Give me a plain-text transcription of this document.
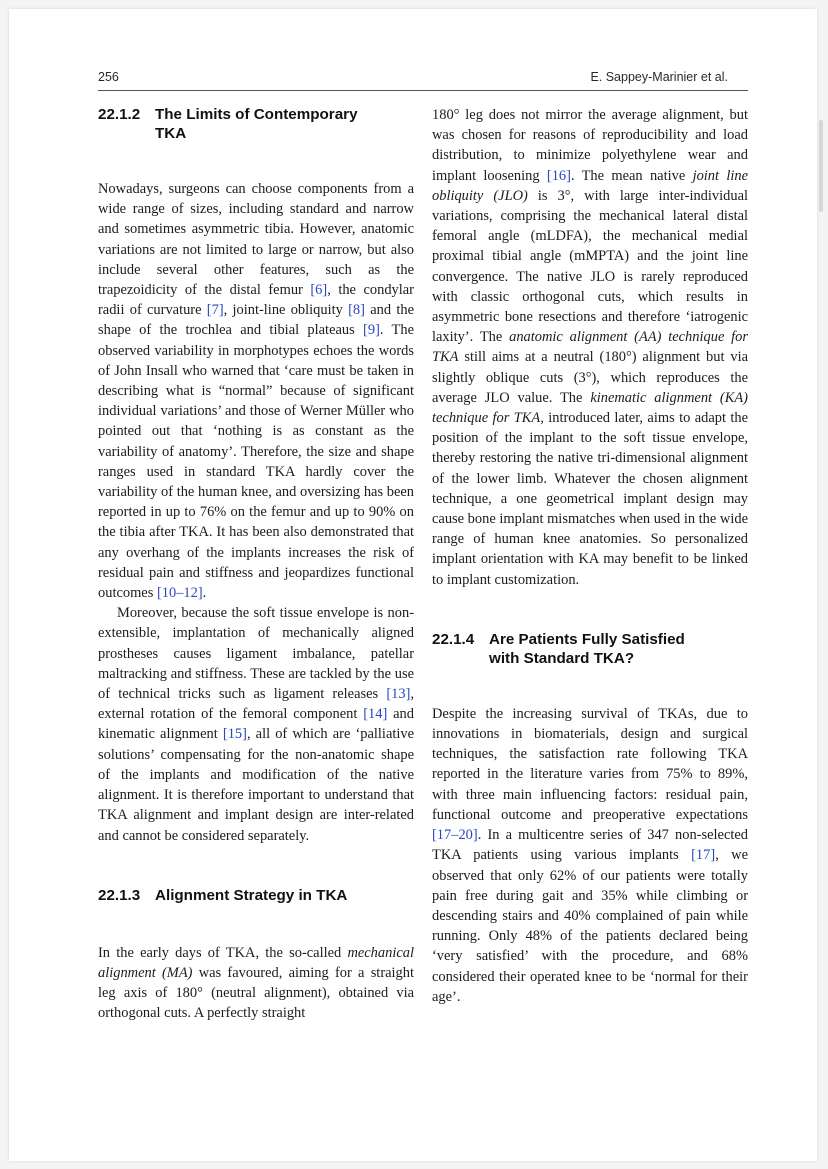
256	E. Sappey-Marinier et al.
22.1.2 The Limits of Contemporary
TKA

Nowadays, surgeons can choose components from a wide range of sizes, including standard and narrow and sometimes asymmetric tibia. However, anatomic variations are not limited to large or narrow, but also include several other features, such as the trapezoidicity of the distal femur [6], the condylar radii of curvature [7], joint-line obliquity [8] and the shape of the trochlea and tibial plateaus [9]. The observed variability in morphotypes echoes the words of John Insall who warned that ‘care must be taken in describing what is “normal” because of significant individual variations’ and those of Werner Müller who pointed out that ‘nothing is as constant as the variability of anatomy’. Therefore, the size and shape ranges used in standard TKA hardly cover the variability of the human knee, and oversizing has been reported in up to 76% on the femur and up to 90% on the tibia after TKA. It has been also demonstrated that any overhang of the implants increases the risk of residual pain and stiffness and jeopardizes functional outcomes [10–12].

Moreover, because the soft tissue envelope is non-extensible, implantation of mechanically aligned prostheses causes ligament imbalance, patellar maltracking and stiffness. These are tackled by the use of technical tricks such as ligament releases [13], external rotation of the femoral component [14] and kinematic alignment [15], all of which are ‘palliative solutions’ compensating for the non-anatomic shape of the implants and modification of the native alignment. It is therefore important to understand that TKA alignment and implant design are inter-related and cannot be considered separately.

22.1.3 Alignment Strategy in TKA

In the early days of TKA, the so-called mechanical alignment (MA) was favoured, aiming for a straight leg axis of 180° (neutral alignment), obtained via orthogonal cuts. A perfectly straight

180° leg does not mirror the average alignment, but was chosen for reasons of reproducibility and load distribution, to minimize polyethylene wear and implant loosening [16]. The mean native joint line obliquity (JLO) is 3°, with large inter-individual variations, comprising the mechanical lateral distal femoral angle (mLDFA), the mechanical medial proximal tibial angle (mMPTA) and the joint line convergence. The native JLO is rarely reproduced with classic orthogonal cuts, which results in asymmetric bone resections and therefore ‘iatrogenic laxity’. The anatomic alignment (AA) technique for TKA still aims at a neutral (180°) alignment but via slightly oblique cuts (3°), which reproduces the average JLO value. The kinematic alignment (KA) technique for TKA, introduced later, aims to adapt the position of the implant to the soft tissue envelope, thereby restoring the native tri-dimensional alignment of the lower limb. Whatever the chosen alignment technique, a one geometrical implant design may cause bone implant mismatches when used in the wide range of human knee anatomies. So personalized implant orientation with KA may benefit to be linked to implant customization.

22.1.4 Are Patients Fully Satisfied
with Standard TKA?

Despite the increasing survival of TKAs, due to innovations in biomaterials, design and surgical techniques, the satisfaction rate following TKA reported in the literature varies from 75% to 89%, with three main influencing factors: residual pain, functional outcome and preoperative expectations [17–20]. In a multicentre series of 347 non-selected TKA patients using various implants [17], we observed that only 62% of our patients were totally pain free during gait and 35% while climbing or descending stairs and 40% complained of pain while running. Only 48% of the patients declared being ‘very satisfied’ with the procedure, and 68% considered their operated knee to be ‘normal for their age’.
